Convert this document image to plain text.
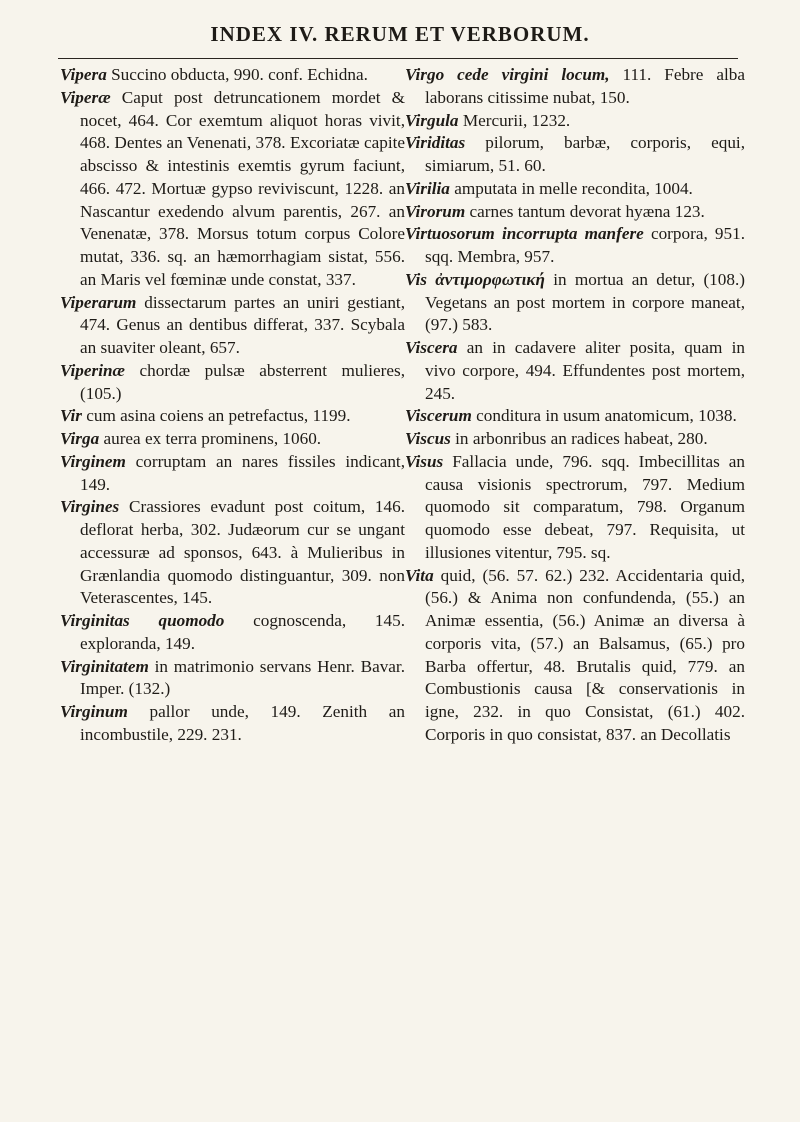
INDEX IV. RERUM ET VERBORUM.

Vipera Succino obducta, 990. conf. Echidna.

Viperæ Caput post detruncationem mordet & nocet, 464. Cor exemtum aliquot horas vivit, 468. Dentes an Venenati, 378. Excoriatæ capite abscisso & intestinis exemtis gyrum faciunt, 466. 472. Mortuæ gypso reviviscunt, 1228. an Nascantur exedendo alvum parentis, 267. an Venenatæ, 378. Morsus totum corpus Colore mutat, 336. sq. an hæmorrhagiam sistat, 556. an Maris vel fœminæ unde constat, 337.

Viperarum dissectarum partes an uniri gestiant, 474. Genus an dentibus differat, 337. Scybala an suaviter oleant, 657.

Viperinæ chordæ pulsæ absterrent mulieres, (105.)

Vir cum asina coiens an petrefactus, 1199.

Virga aurea ex terra prominens, 1060.

Virginem corruptam an nares fissiles indicant, 149.

Virgines Crassiores evadunt post coitum, 146. deflorat herba, 302. Judæorum cur se ungant accessuræ ad sponsos, 643. à Mulieribus in Grænlandia quomodo distinguantur, 309. non Veterascentes, 145.

Virginitas quomodo cognoscenda, 145. exploranda, 149.

Virginitatem in matrimonio servans Henr. Bavar. Imper. (132.)

Virginum pallor unde, 149. Zenith an incombustile, 229. 231.

Virgo cede virgini locum, 111. Febre alba laborans citissime nubat, 150.

Virgula Mercurii, 1232.

Viriditas pilorum, barbæ, corporis, equi, simiarum, 51. 60.

Virilia amputata in melle recondita, 1004.

Virorum carnes tantum devorat hyæna 123.

Virtuosorum incorrupta manfere corpora, 951. sqq. Membra, 957.

Vis ἀντιμορφωτική in mortua an detur, (108.) Vegetans an post mortem in corpore maneat, (97.) 583.

Viscera an in cadavere aliter posita, quam in vivo corpore, 494. Effundentes post mortem, 245.

Viscerum conditura in usum anatomicum, 1038.

Viscus in arbonribus an radices habeat, 280.

Visus Fallacia unde, 796. sqq. Imbecillitas an causa visionis spectrorum, 797. Medium quomodo sit comparatum, 798. Organum quomodo esse debeat, 797. Requisita, ut illusiones vitentur, 795. sq.

Vita quid, (56. 57. 62.) 232. Accidentaria quid, (56.) & Anima non confundenda, (55.) an Animæ essentia, (56.) Animæ an diversa à corporis vita, (57.) an Balsamus, (65.) pro Barba offertur, 48. Brutalis quid, 779. an Combustionis causa [& conservationis in igne, 232. in quo Consistat, (61.) 402. Corporis in quo consistat, 837. an Decollatis
